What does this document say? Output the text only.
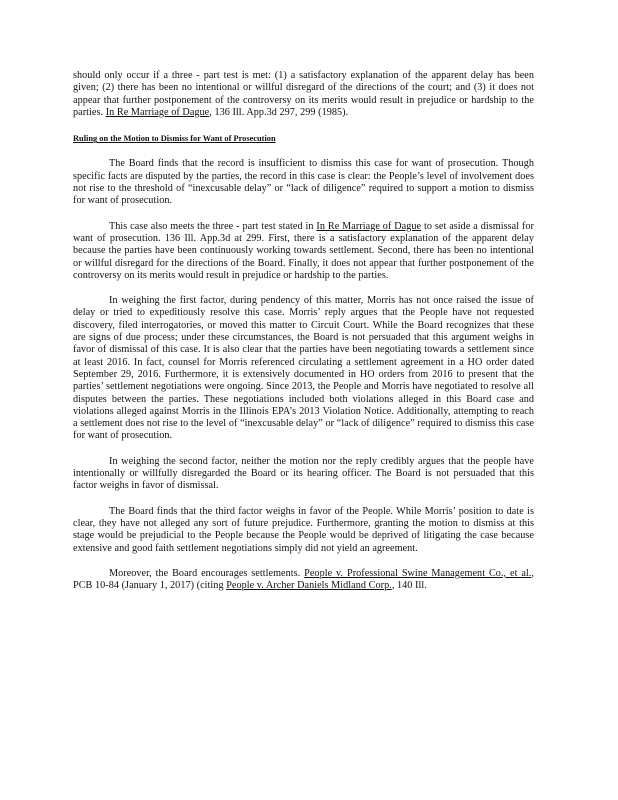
should only occur if a three - part test is met: (1) a satisfactory explanation of the apparent delay has been given; (2) there has been no intentional or willful disregard of the directions of the court; and (3) it does not appear that further postponement of the controversy on its merits would result in prejudice or hardship to the parties. In Re Marriage of Dague, 136 Ill. App.3d 297, 299 (1985).

Ruling on the Motion to Dismiss for Want of Prosecution

The Board finds that the record is insufficient to dismiss this case for want of prosecution. Though specific facts are disputed by the parties, the record in this case is clear: the People’s level of involvement does not rise to the threshold of “inexcusable delay” or “lack of diligence” required to support a motion to dismiss for want of prosecution.

This case also meets the three - part test stated in In Re Marriage of Dague to set aside a dismissal for want of prosecution. 136 Ill. App.3d at 299. First, there is a satisfactory explanation of the apparent delay because the parties have been continuously working towards settlement. Second, there has been no intentional or willful disregard for the directions of the Board. Finally, it does not appear that further postponement of the controversy on its merits would result in prejudice or hardship to the parties.

In weighing the first factor, during pendency of this matter, Morris has not once raised the issue of delay or tried to expeditiously resolve this case. Morris’ reply argues that the People have not requested discovery, filed interrogatories, or moved this matter to Circuit Court. While the Board recognizes that these are signs of due process; under these circumstances, the Board is not persuaded that this argument weighs in favor of dismissal of this case. It is also clear that the parties have been negotiating towards a settlement since at least 2016. In fact, counsel for Morris referenced circulating a settlement agreement in a HO order dated September 29, 2016. Furthermore, it is extensively documented in HO orders from 2016 to present that the parties’ settlement negotiations were ongoing. Since 2013, the People and Morris have negotiated to resolve all disputes between the parties. These negotiations included both violations alleged in this Board case and violations alleged against Morris in the Illinois EPA’s 2013 Violation Notice. Additionally, attempting to reach a settlement does not rise to the level of “inexcusable delay” or “lack of diligence” required to dismiss this case for want of prosecution.

In weighing the second factor, neither the motion nor the reply credibly argues that the people have intentionally or willfully disregarded the Board or its hearing officer. The Board is not persuaded that this factor weighs in favor of dismissal.

The Board finds that the third factor weighs in favor of the People. While Morris’ position to date is clear, they have not alleged any sort of future prejudice. Furthermore, granting the motion to dismiss at this stage would be prejudicial to the People because the People would be deprived of litigating the case because extensive and good faith settlement negotiations simply did not yield an agreement.

Moreover, the Board encourages settlements. People v. Professional Swine Management Co., et al., PCB 10-84 (January 1, 2017) (citing People v. Archer Daniels Midland Corp., 140 Ill.
